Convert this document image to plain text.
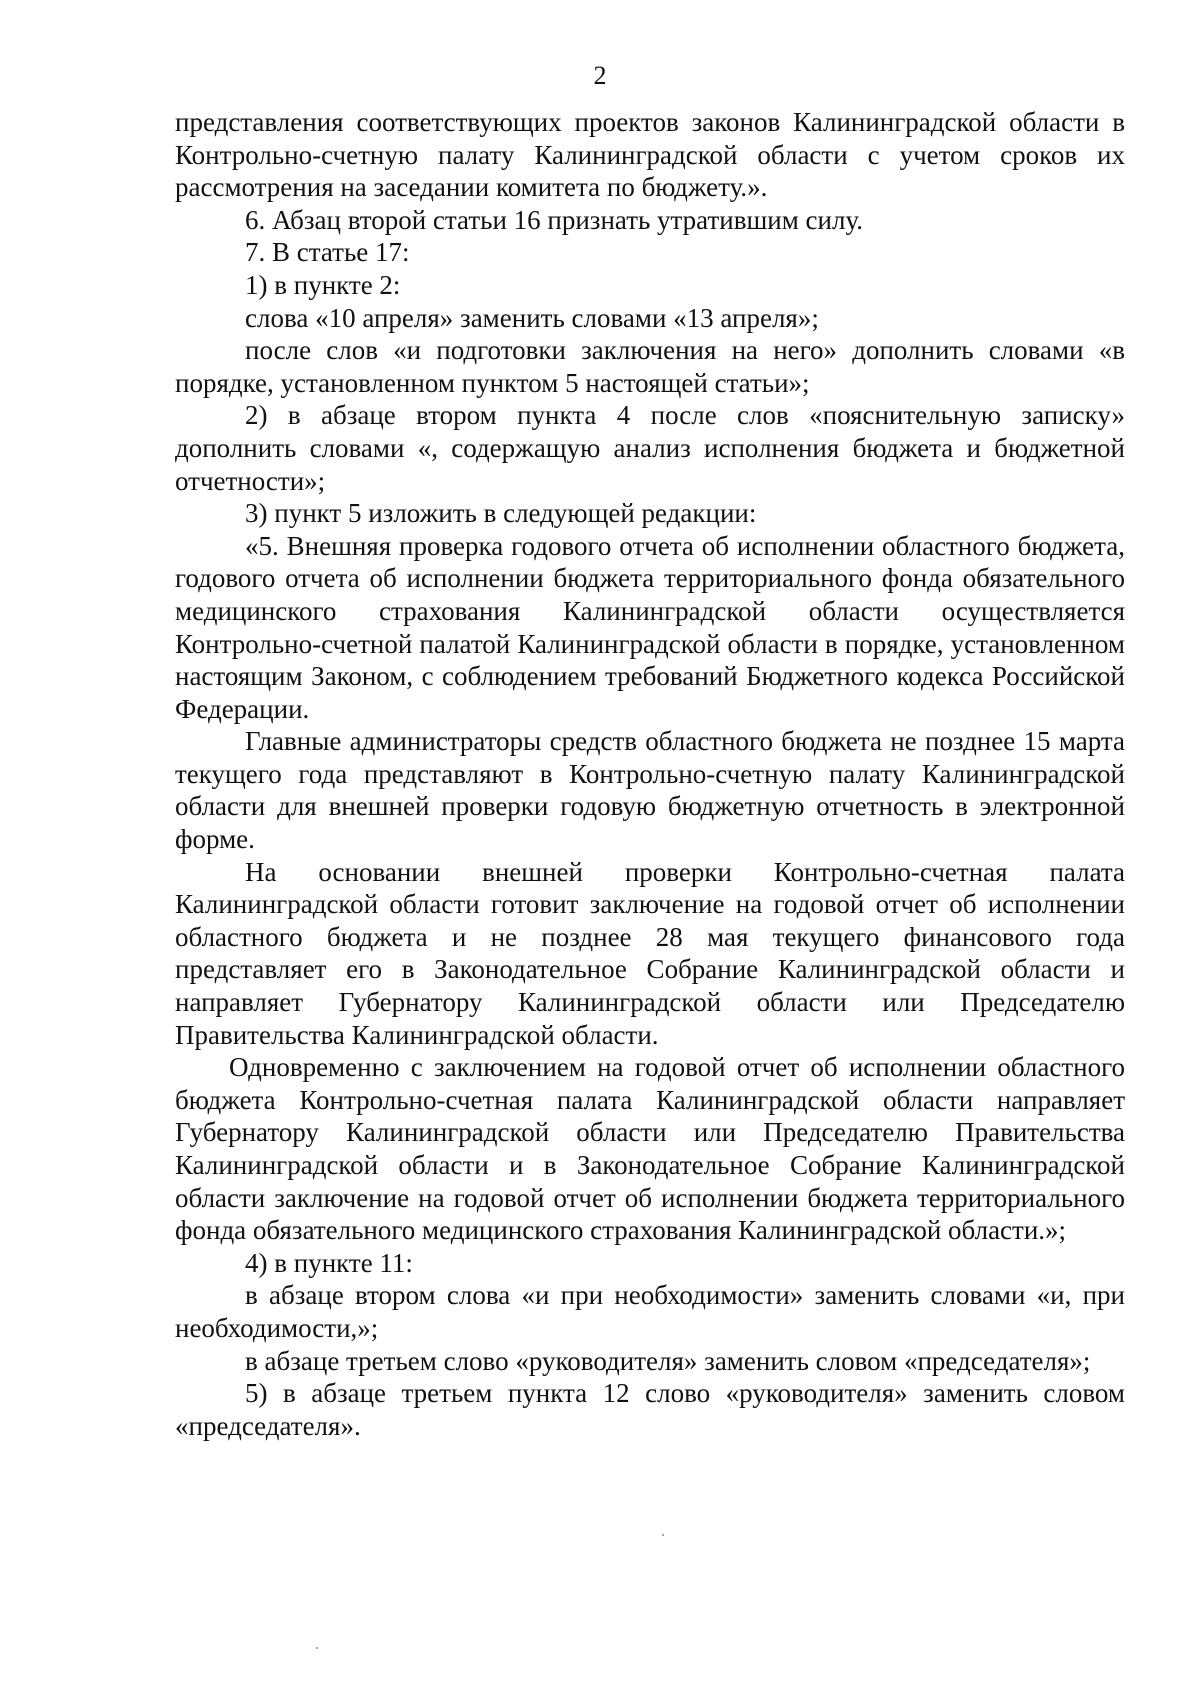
2

представления соответствующих проектов законов Калининградской области в Контрольно-счетную палату Калининградской области с учетом сроков их рассмотрения на заседании комитета по бюджету.».

6. Абзац второй статьи 16 признать утратившим силу.

7. В статье 17:

1) в пункте 2:

слова «10 апреля» заменить словами «13 апреля»;

после слов «и подготовки заключения на него» дополнить словами «в порядке, установленном пунктом 5 настоящей статьи»;

2) в абзаце втором пункта 4 после слов «пояснительную записку» дополнить словами «, содержащую анализ исполнения бюджета и бюджетной отчетности»;

3) пункт 5 изложить в следующей редакции:

«5. Внешняя проверка годового отчета об исполнении областного бюджета, годового отчета об исполнении бюджета территориального фонда обязательного медицинского страхования Калининградской области осуществляется Контрольно-счетной палатой Калининградской области в порядке, установленном настоящим Законом, с соблюдением требований Бюджетного кодекса Российской Федерации.

Главные администраторы средств областного бюджета не позднее 15 марта текущего года представляют в Контрольно-счетную палату Калининградской области для внешней проверки годовую бюджетную отчетность в электронной форме.

На основании внешней проверки Контрольно-счетная палата Калининградской области готовит заключение на годовой отчет об исполнении областного бюджета и не позднее 28 мая текущего финансового года представляет его в Законодательное Собрание Калининградской области и направляет Губернатору Калининградской области или Председателю Правительства Калининградской области.

Одновременно с заключением на годовой отчет об исполнении областного бюджета Контрольно-счетная палата Калининградской области направляет Губернатору Калининградской области или Председателю Правительства Калининградской области и в Законодательное Собрание Калининградской области заключение на годовой отчет об исполнении бюджета территориального фонда обязательного медицинского страхования Калининградской области.»;

4) в пункте 11:

в абзаце втором слова «и при необходимости» заменить словами «и, при необходимости,»;

в абзаце третьем слово «руководителя» заменить словом «председателя»;

5) в абзаце третьем пункта 12 слово «руководителя» заменить словом «председателя».
